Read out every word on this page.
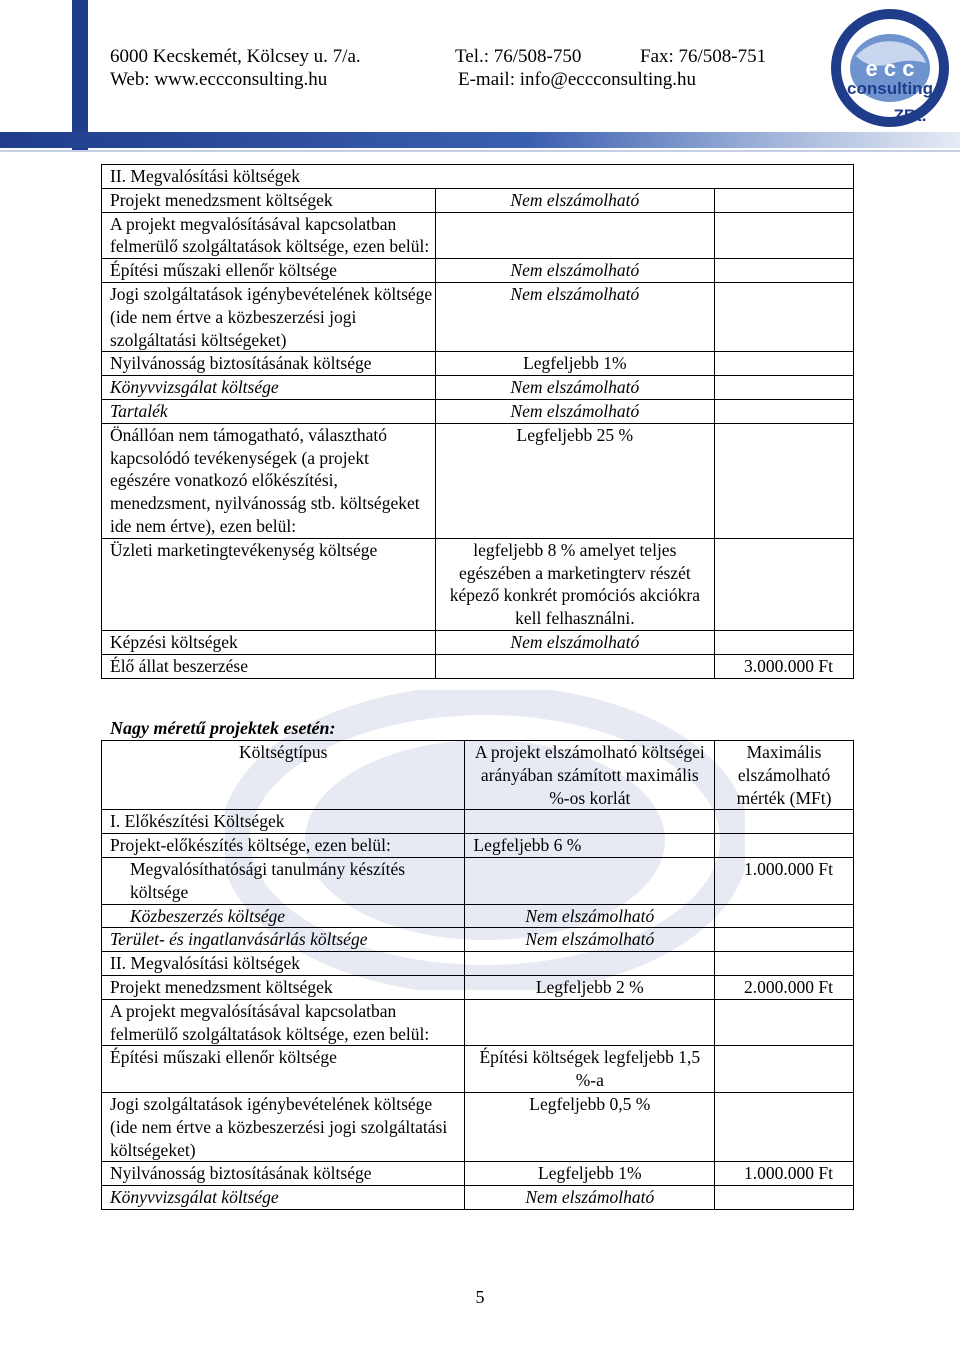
6000 Kecskemét, Kölcsey u. 7/a.	Tel.: 76/508-750	Fax: 76/508-751
Web: www.eccconsulting.hu	E-mail: info@eccconsulting.hu	e c c
consulting
ZRt.
II. Megvalósítási költségek		
Projekt menedzsment költségek	Nem elszámolható	
A projekt megvalósításával kapcsolatban felmerülő szolgáltatások költsége, ezen belül:		
Építési műszaki ellenőr költsége	Nem elszámolható	
Jogi szolgáltatások igénybevételének költsége (ide nem értve a közbeszerzési jogi szolgáltatási költségeket)	Nem elszámolható	
Nyilvánosság biztosításának költsége	Legfeljebb 1%	
Könyvvizsgálat költsége	Nem elszámolható	
Tartalék	Nem elszámolható	
Önállóan nem támogatható, választható kapcsolódó tevékenységek (a projekt egészére vonatkozó előkészítési, menedzsment, nyilvánosság stb. költségeket ide nem értve), ezen belül:	Legfeljebb 25 %	
Üzleti marketingtevékenység költsége	legfeljebb 8 % amelyet teljes egészében a marketingterv részét képező konkrét promóciós akciókra kell felhasználni.	
Képzési költségek	Nem elszámolható	
Élő állat beszerzése		3.000.000 Ft
Nagy méretű projektek esetén:
Költségtípus	A projekt elszámolható költségei arányában számított maximális %-os korlát	Maximális elszámolható mérték (MFt)
I. Előkészítési Költségek		
Projekt-előkészítés költsége, ezen belül:	Legfeljebb 6 %	
Megvalósíthatósági tanulmány készítés költsége		1.000.000 Ft
Közbeszerzés költsége	Nem elszámolható	
Terület- és ingatlanvásárlás költsége	Nem elszámolható	
II. Megvalósítási költségek		
Projekt menedzsment költségek	Legfeljebb 2 %	2.000.000 Ft
A projekt megvalósításával kapcsolatban felmerülő szolgáltatások költsége, ezen belül:		
Építési műszaki ellenőr költsége	Építési költségek legfeljebb 1,5 %-a	
Jogi szolgáltatások igénybevételének költsége (ide nem értve a közbeszerzési jogi szolgáltatási költségeket)	Legfeljebb 0,5 %	
Nyilvánosság biztosításának költsége	Legfeljebb 1%	1.000.000 Ft
Könyvvizsgálat költsége	Nem elszámolható	
5
